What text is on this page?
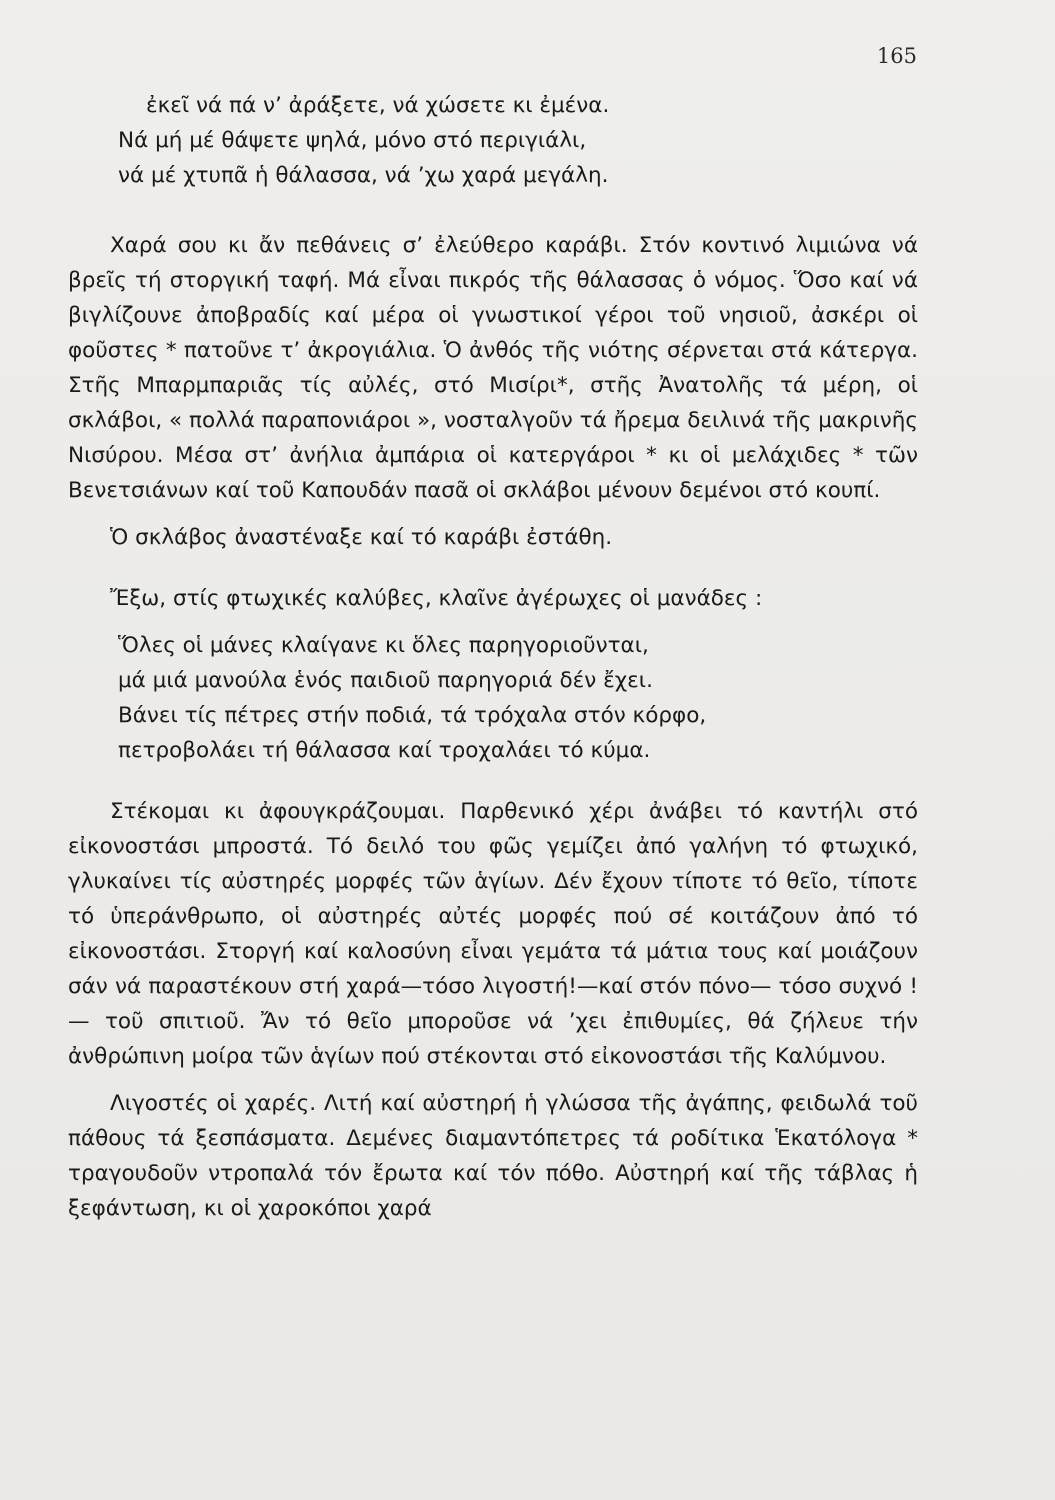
165

ἐκεῖ νά πά ν’ ἀράξετε, νά χώσετε κι ἐμένα.

Νά μή μέ θάψετε ψηλά, μόνο στό περιγιάλι,

νά μέ χτυπᾶ ἡ θάλασσα, νά ’χω χαρά μεγάλη.

Χαρά σου κι ἄν πεθάνεις σ’ ἐλεύθερο καράβι. Στόν κοντινό λιμιώνα νά βρεῖς τή στοργική ταφή. Μά εἶναι πικρός τῆς θάλασσας ὁ νόμος. Ὅσο καί νά βιγλίζουνε ἀποβραδίς καί μέρα οἱ γνωστικοί γέροι τοῦ νησιοῦ, ἀσκέρι οἱ φοῦστες * πατοῦνε τ’ ἀκρογιάλια. Ὁ ἀνθός τῆς νιότης σέρνεται στά κάτεργα. Στῆς Μπαρμπαριᾶς τίς αὐλές, στό Μισίρι*, στῆς Ἀνατολῆς τά μέρη, οἱ σκλάβοι, « πολλά παραπονιάροι », νοσταλγοῦν τά ἤρεμα δειλινά τῆς μακρινῆς Νισύρου. Μέσα στ’ ἀνήλια ἀμπάρια οἱ κατεργάροι * κι οἱ μελάχιδες * τῶν Βενετσιάνων καί τοῦ Καπουδάν πασᾶ οἱ σκλάβοι μένουν δεμένοι στό κουπί.

Ὁ σκλάβος ἀναστέναξε καί τό καράβι ἐστάθη.

Ἔξω, στίς φτωχικές καλύβες, κλαῖνε ἀγέρωχες οἱ μανάδες :

Ὅλες οἱ μάνες κλαίγανε κι ὅλες παρηγοριοῦνται,

μά μιά μανούλα ἑνός παιδιοῦ παρηγοριά δέν ἔχει.

Βάνει τίς πέτρες στήν ποδιά, τά τρόχαλα στόν κόρφο,

πετροβολάει τή θάλασσα καί τροχαλάει τό κύμα.

Στέκομαι κι ἀφουγκράζουμαι. Παρθενικό χέρι ἀνάβει τό καντήλι στό εἰκονοστάσι μπροστά. Τό δειλό του φῶς γεμίζει ἀπό γαλήνη τό φτωχικό, γλυκαίνει τίς αὐστηρές μορφές τῶν ἁγίων. Δέν ἔχουν τίποτε τό θεῖο, τίποτε τό ὑπεράνθρωπο, οἱ αὐστηρές αὐτές μορφές πού σέ κοιτάζουν ἀπό τό εἰκονοστάσι. Στοργή καί καλοσύνη εἶναι γεμάτα τά μάτια τους καί μοιάζουν σάν νά παραστέκουν στή χαρά—τόσο λιγοστή!—καί στόν πόνο— τόσο συχνό !— τοῦ σπιτιοῦ. Ἄν τό θεῖο μποροῦσε νά ’χει ἐπιθυμίες, θά ζήλευε τήν ἀνθρώπινη μοίρα τῶν ἁγίων πού στέκονται στό εἰκονοστάσι τῆς Καλύμνου.

Λιγοστές οἱ χαρές. Λιτή καί αὐστηρή ἡ γλώσσα τῆς ἀγάπης, φειδωλά τοῦ πάθους τά ξεσπάσματα. Δεμένες διαμαντόπετρες τά ροδίτικα Ἑκατόλογα * τραγουδοῦν ντροπαλά τόν ἔρωτα καί τόν πόθο. Αὐστηρή καί τῆς τάβλας ἡ ξεφάντωση, κι οἱ χαροκόποι χαρά
